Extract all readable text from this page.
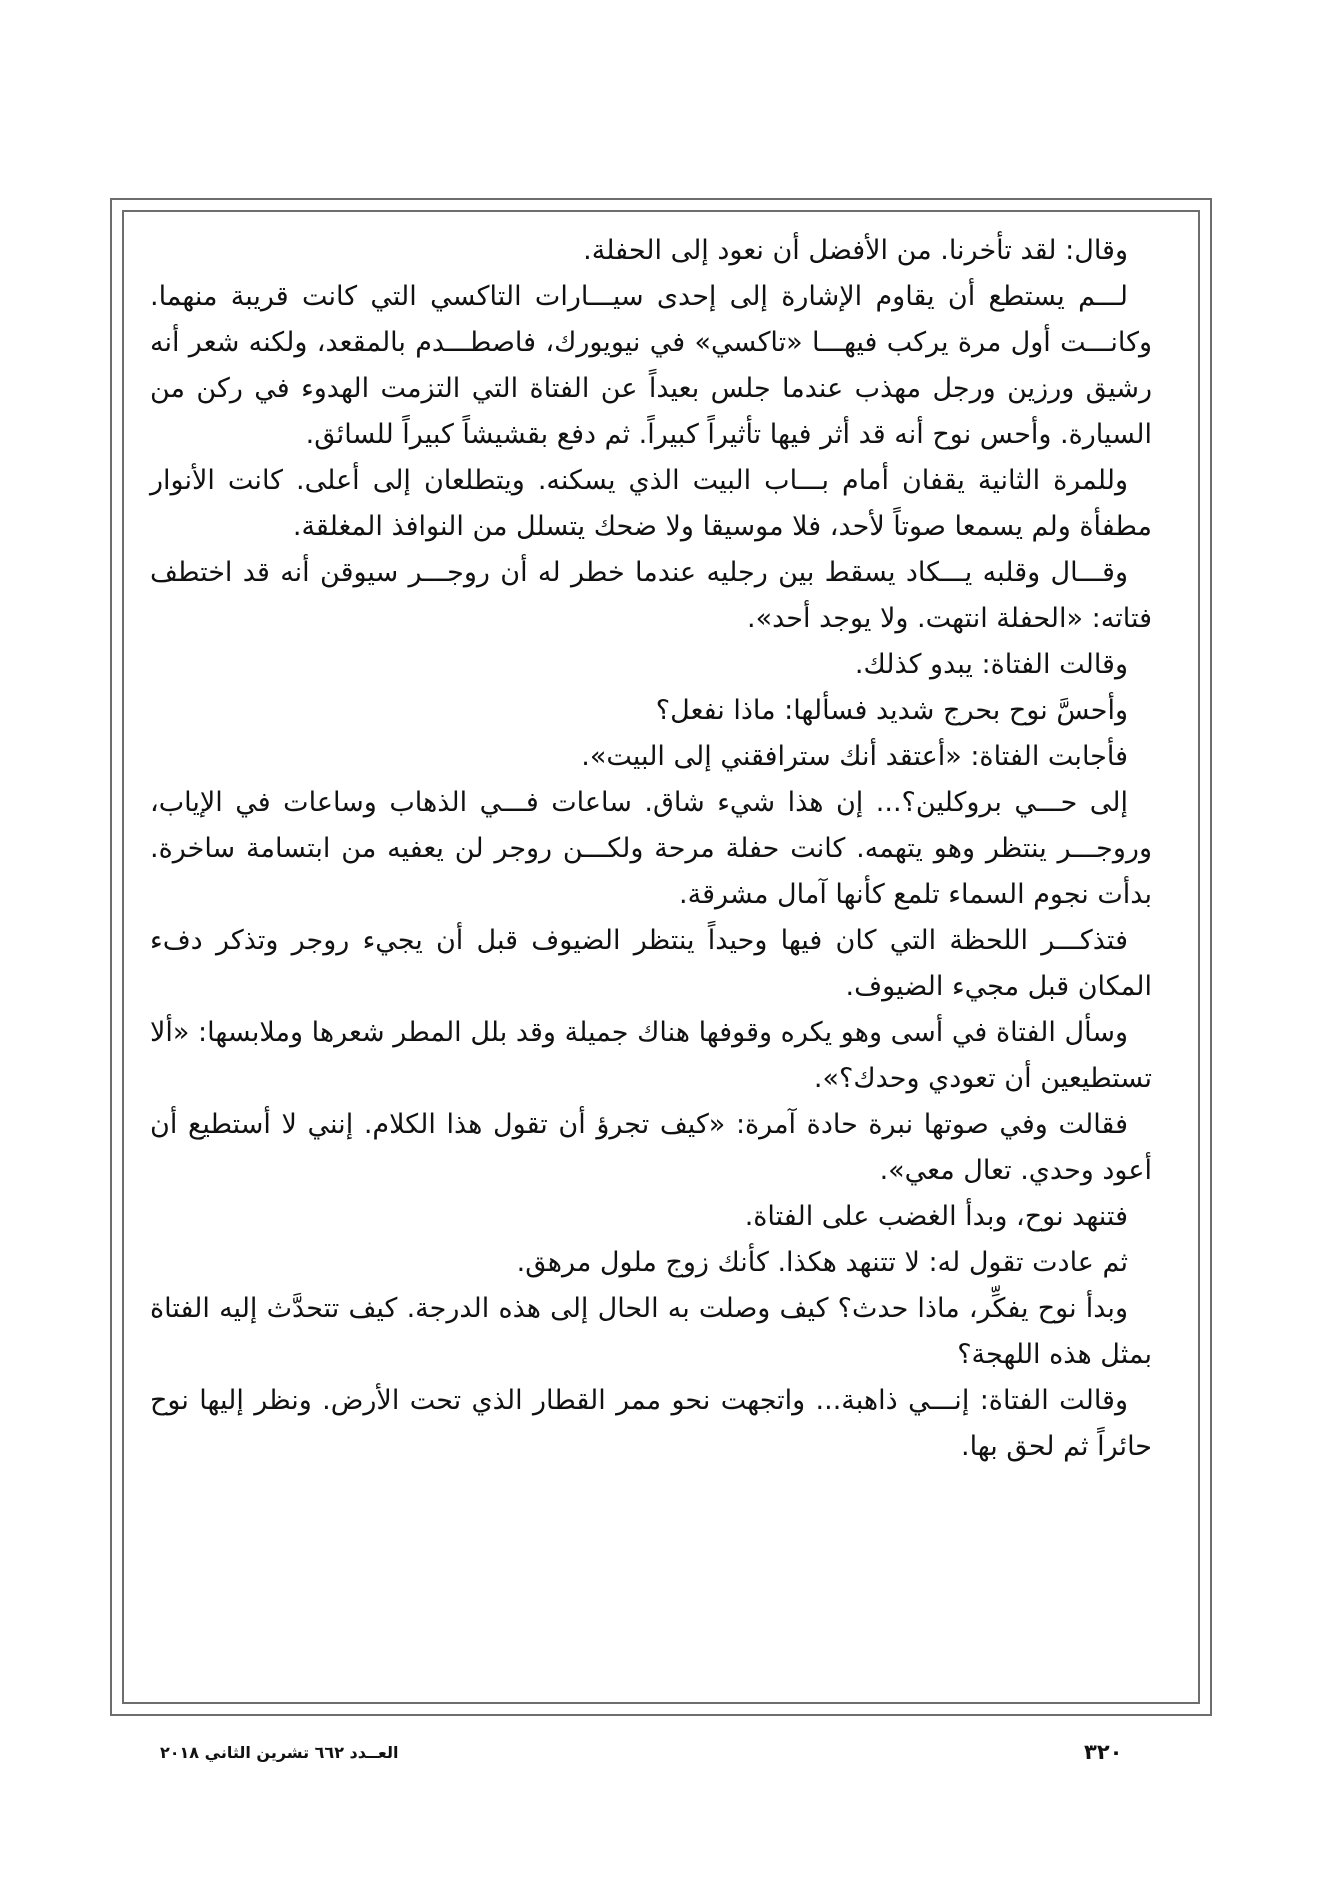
وقال: لقد تأخرنا. من الأفضل أن نعود إلى الحفلة.

لـــم يستطع أن يقاوم الإشارة إلى إحدى سيـــارات التاكسي التي كانت قريبة منهما. وكانـــت أول مرة يركب فيهـــا «تاكسي» في نيويورك، فاصطـــدم بالمقعد، ولكنه شعر أنه رشيق ورزين ورجل مهذب عندما جلس بعيداً عن الفتاة التي التزمت الهدوء في ركن من السيارة. وأحس نوح أنه قد أثر فيها تأثيراً كبيراً. ثم دفع بقشيشاً كبيراً للسائق.

وللمرة الثانية يقفان أمام بـــاب البيت الذي يسكنه. ويتطلعان إلى أعلى. كانت الأنوار مطفأة ولم يسمعا صوتاً لأحد، فلا موسيقا ولا ضحك يتسلل من النوافذ المغلقة.

وقـــال وقلبه يـــكاد يسقط بين رجليه عندما خطر له أن روجـــر سيوقن أنه قد اختطف فتاته: «الحفلة انتهت. ولا يوجد أحد».

وقالت الفتاة: يبدو كذلك.

وأحسَّ نوح بحرج شديد فسألها: ماذا نفعل؟

فأجابت الفتاة: «أعتقد أنك سترافقني إلى البيت».

إلى حـــي بروكلين؟... إن هذا شيء شاق. ساعات فـــي الذهاب وساعات في الإياب، وروجـــر ينتظر وهو يتهمه. كانت حفلة مرحة ولكـــن روجر لن يعفيه من ابتسامة ساخرة. بدأت نجوم السماء تلمع كأنها آمال مشرقة.

فتذكـــر اللحظة التي كان فيها وحيداً ينتظر الضيوف قبل أن يجيء روجر وتذكر دفء المكان قبل مجيء الضيوف.

وسأل الفتاة في أسى وهو يكره وقوفها هناك جميلة وقد بلل المطر شعرها وملابسها: «ألا تستطيعين أن تعودي وحدك؟».

فقالت وفي صوتها نبرة حادة آمرة: «كيف تجرؤ أن تقول هذا الكلام. إنني لا أستطيع أن أعود وحدي. تعال معي».

فتنهد نوح، وبدأ الغضب على الفتاة.

ثم عادت تقول له: لا تتنهد هكذا. كأنك زوج ملول مرهق.

وبدأ نوح يفكِّر، ماذا حدث؟ كيف وصلت به الحال إلى هذه الدرجة. كيف تتحدَّث إليه الفتاة بمثل هذه اللهجة؟

وقالت الفتاة: إنـــي ذاهبة... واتجهت نحو ممر القطار الذي تحت الأرض. ونظر إليها نوح حائراً ثم لحق بها.

٣٢٠
العــدد ٦٦٢ تشرين الثاني ٢٠١٨
